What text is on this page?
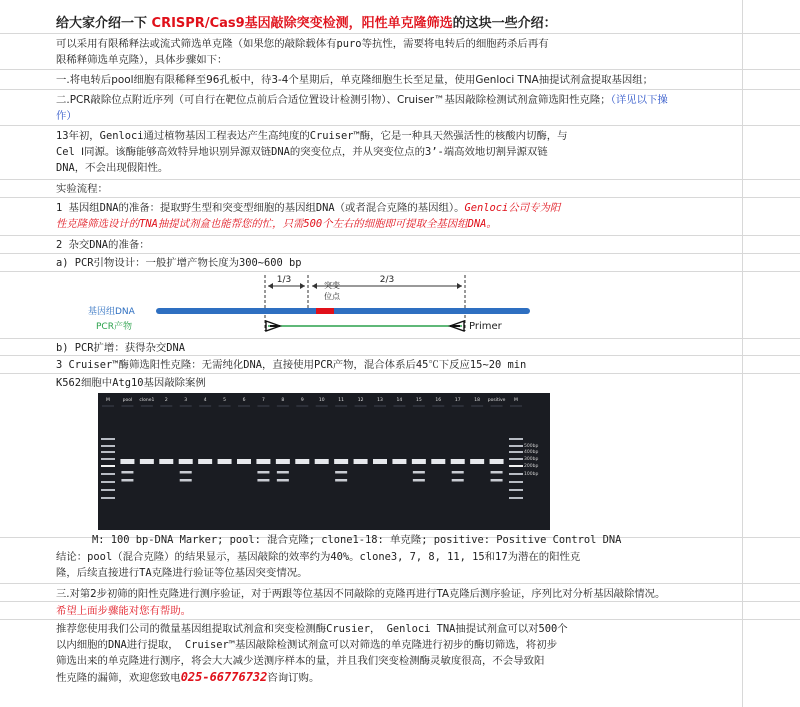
给大家介绍一下 CRISPR/Cas9基因敲除突变检测，阳性单克隆筛选的这块一些介绍：
可以采用有限稀释法或流式筛选单克隆（如果您的敲除载体有puro等抗性，需要将电转后的细胞药杀后再有
限稀释筛选单克隆），具体步骤如下：
一.将电转后pool细胞有限稀释至96孔板中，待3-4个星期后，单克隆细胞生长至足量，使用Genloci TNA抽提试剂盒提取基因组；
二.PCR敲除位点附近序列（可自行在靶位点前后合适位置设计检测引物）、Cruiser™基因敲除检测试剂盒筛选阳性克隆；（详见以下操
作）
13年初，Genloci通过植物基因工程表达产生高纯度的Cruiser™酶，它是一种具天然强活性的核酸内切酶，与
Cel Ⅰ同源。该酶能够高效特异地识别异源双链DNA的突变位点，并从突变位点的3’-端高效地切割异源双链
DNA，不会出现假阳性。
实验流程：
1 基因组DNA的准备：提取野生型和突变型细胞的基因组DNA（或者混合克隆的基因组）。Genloci公司专为阳
性克隆筛选设计的TNA抽提试剂盒也能帮您的忙，只需500个左右的细胞即可提取全基因组DNA。
2 杂交DNA的准备：
a) PCR引物设计：一般扩增产物长度为300~600 bp
1/3	2/3
突变
位点
基因组DNA
PCR产物	Primer
b) PCR扩增：获得杂交DNA
3 Cruiser™酶筛选阳性克隆：无需纯化DNA，直接使用PCR产物，混合体系后45℃下反应15~20 min
K562细胞中Atg10基因敲除案例
M	pool clone1 2	3	4	5	6	7	8	9	10	11	12	13	14	15	16	17	18 positive M
500bp
400bp
300bp
200bp
100bp
M: 100 bp-DNA Marker; pool: 混合克隆; clone1-18: 单克隆; positive: Positive Control DNA
结论：pool（混合克隆）的结果显示，基因敲除的效率约为40%。clone3, 7, 8, 11, 15和17为潜在的阳性克
隆，后续直接进行TA克隆进行验证等位基因突变情况。
三.对第2步初筛的阳性克隆进行测序验证，对于两跟等位基因不同敲除的克隆再进行TA克隆后测序验证，序列比对分析基因敲除情况。
希望上面步骤能对您有帮助。
推荐您使用我们公司的微量基因组提取试剂盒和突变检测酶Crusier， Genloci TNA抽提试剂盒可以对500个
以内细胞的DNA进行提取， Cruiser™基因敲除检测试剂盒可以对筛选的单克隆进行初步的酶切筛选，将初步
筛选出来的单克隆进行测序，将会大大减少送测序样本的量，并且我们突变检测酶灵敏度很高，不会导致阳
性克隆的漏筛，欢迎您致电025-66776732咨询订购。
